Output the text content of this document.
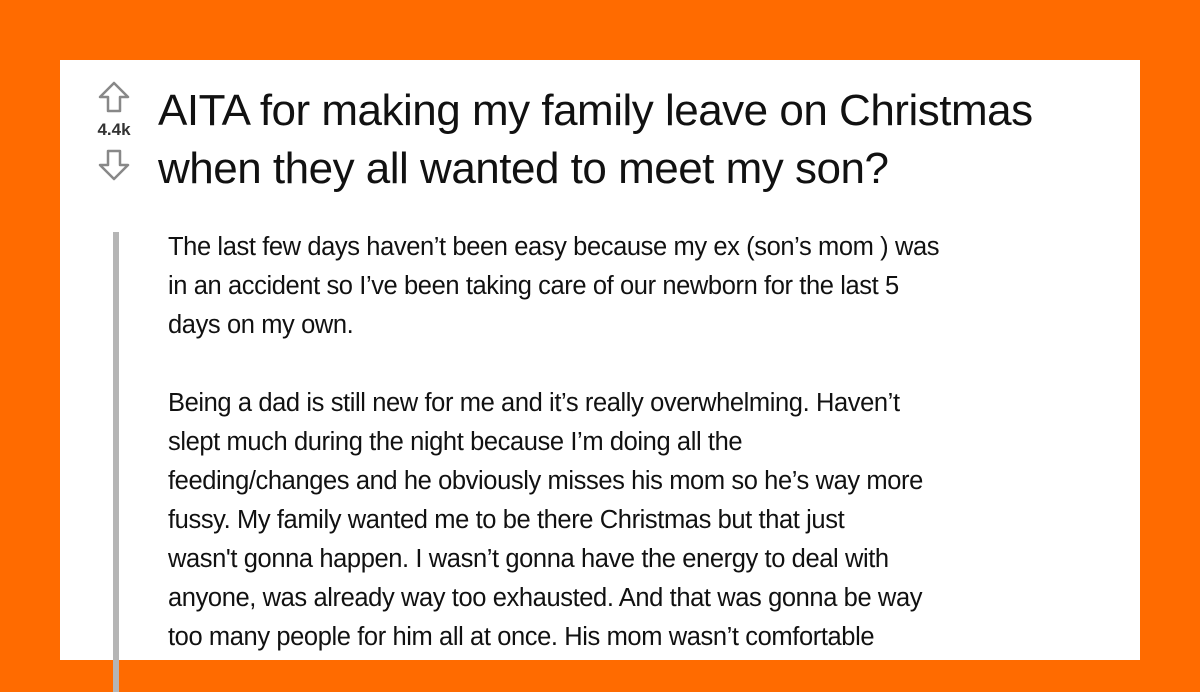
4.4k AITA for making my family leave on Christmas
when they all wanted to meet my son?
The last few days haven’t been easy because my ex (son’s mom ) was
in an accident so I’ve been taking care of our newborn for the last 5
days on my own.
Being a dad is still new for me and it’s really overwhelming. Haven’t
slept much during the night because I’m doing all the
feeding/changes and he obviously misses his mom so he’s way more
fussy. My family wanted me to be there Christmas but that just
wasn't gonna happen. I wasn’t gonna have the energy to deal with
anyone, was already way too exhausted. And that was gonna be way
too many people for him all at once. His mom wasn’t comfortable
